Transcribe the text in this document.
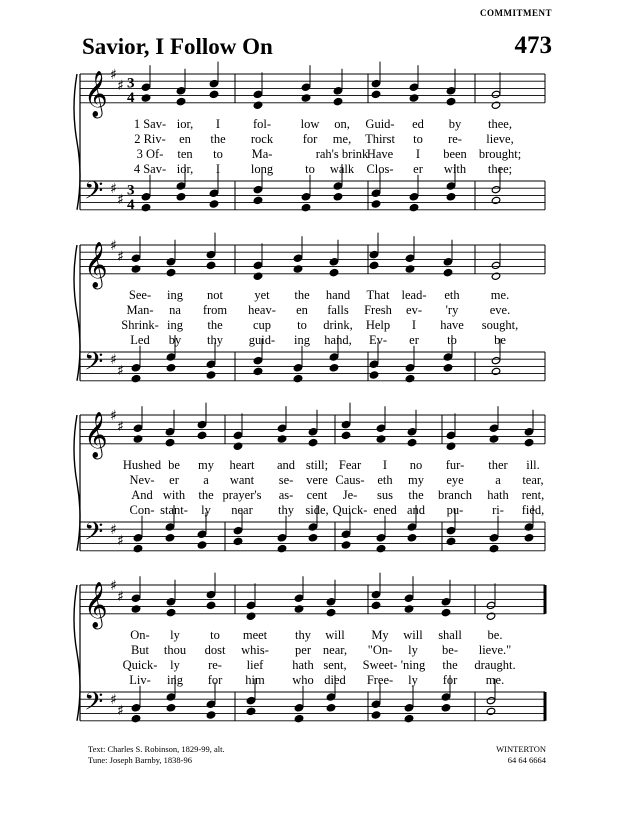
COMMITMENT
Savior, I Follow On	473
𝄞
𝄢
♯
♯
♯
♯
3
4
3
4
𝄞
𝄢
♯
♯
♯
♯
𝄞
𝄢
♯
♯
♯
♯
𝄞
𝄢
♯
♯
♯
♯
1 Sav- ior, I	fol- low on, Guid- ed by thee,
2 Riv- en the rock for me, Thirst to re- lieve,
3 Of- ten to Ma-	rah's brink
Have I been brought;
4 Sav- ior, I long	to walk Clos- er with thee;
See- ing not	yet the hand That lead- eth me.
Man- na from heav- en falls Fresh ev- 'ry	eve.
Shrink- ing the cup to drink, Help I have sought,
Led by thy guid- ing hand, Ev- er to	be
Hushed be my heart and still; Fear I no fur- ther ill.
Nev- er a want se- vere Caus- eth my eye	a tear,
And with the prayer's as- cent Je- sus the branch hath rent,
Con- stant- ly near thy side, Quick- ened and pu- ri- fied,
On- ly to meet thy will My will shall be.
But thou dost whis- per near, "On- ly be- lieve."
Quick- ly re- lief hath sent, Sweet- 'ning the draught.
Liv- ing for him who died Free- ly for me.
Text: Charles S. Robinson, 1829-99, alt.
Tune: Joseph Barnby, 1838-96
WINTERTON
64 64 6664
